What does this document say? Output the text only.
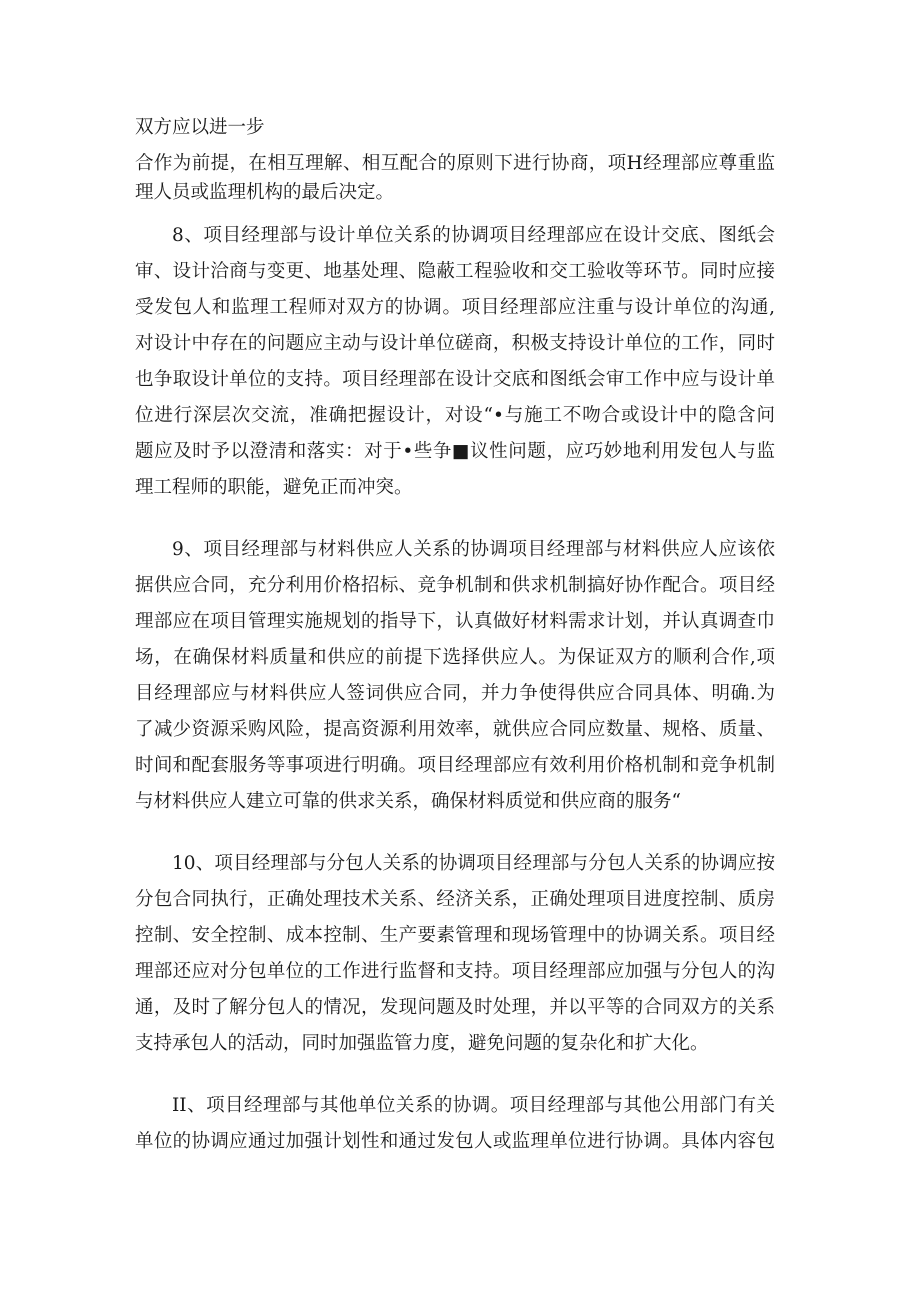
双方应以进一步
合作为前提，在相互理解、相互配合的原则下进行协商，项H经理部应尊重监
理人员或监理机构的最后决定。
8、项目经理部与设计单位关系的协调项目经理部应在设计交底、图纸会
审、设计洽商与变更、地基处理、隐蔽工程验收和交工验收等环节。同时应接
受发包人和监理工程师对双方的协调。项目经理部应注重与设计单位的沟通,
对设计中存在的问题应主动与设计单位磋商，积极支持设计单位的工作，同时
也争取设计单位的支持。项目经理部在设计交底和图纸会审工作中应与设计单
位进行深层次交流，准确把握设计，对设“•与施工不吻合或设计中的隐含问
题应及时予以澄清和落实：对于•些争■议性问题，应巧妙地利用发包人与监
理工程师的职能，避免正而冲突。
9、项目经理部与材料供应人关系的协调项目经理部与材料供应人应该依
据供应合同，充分利用价格招标、竞争机制和供求机制搞好协作配合。项目经
理部应在项目管理实施规划的指导下，认真做好材料需求计划，并认真调查巾
场，在确保材料质量和供应的前提下选择供应人。为保证双方的顺利合作,项
目经理部应与材料供应人签词供应合同，并力争使得供应合同具体、明确.为
了减少资源采购风险，提高资源利用效率，就供应合同应数量、规格、质量、
时间和配套服务等事项进行明确。项目经理部应有效利用价格机制和竞争机制
与材料供应人建立可靠的供求关系，确保材料质觉和供应商的服务“
10、项目经理部与分包人关系的协调项目经理部与分包人关系的协调应按
分包合同执行，正确处理技术关系、经济关系，正确处理项目进度控制、质房
控制、安全控制、成本控制、生产要素管理和现场管理中的协调关系。项目经
理部还应对分包单位的工作进行监督和支持。项目经理部应加强与分包人的沟
通，及时了解分包人的情况，发现问题及时处理，并以平等的合同双方的关系
支持承包人的活动，同时加强监管力度，避免问题的复杂化和扩大化。
II、项目经理部与其他单位关系的协调。项目经理部与其他公用部门有关
单位的协调应通过加强计划性和通过发包人或监理单位进行协调。具体内容包
